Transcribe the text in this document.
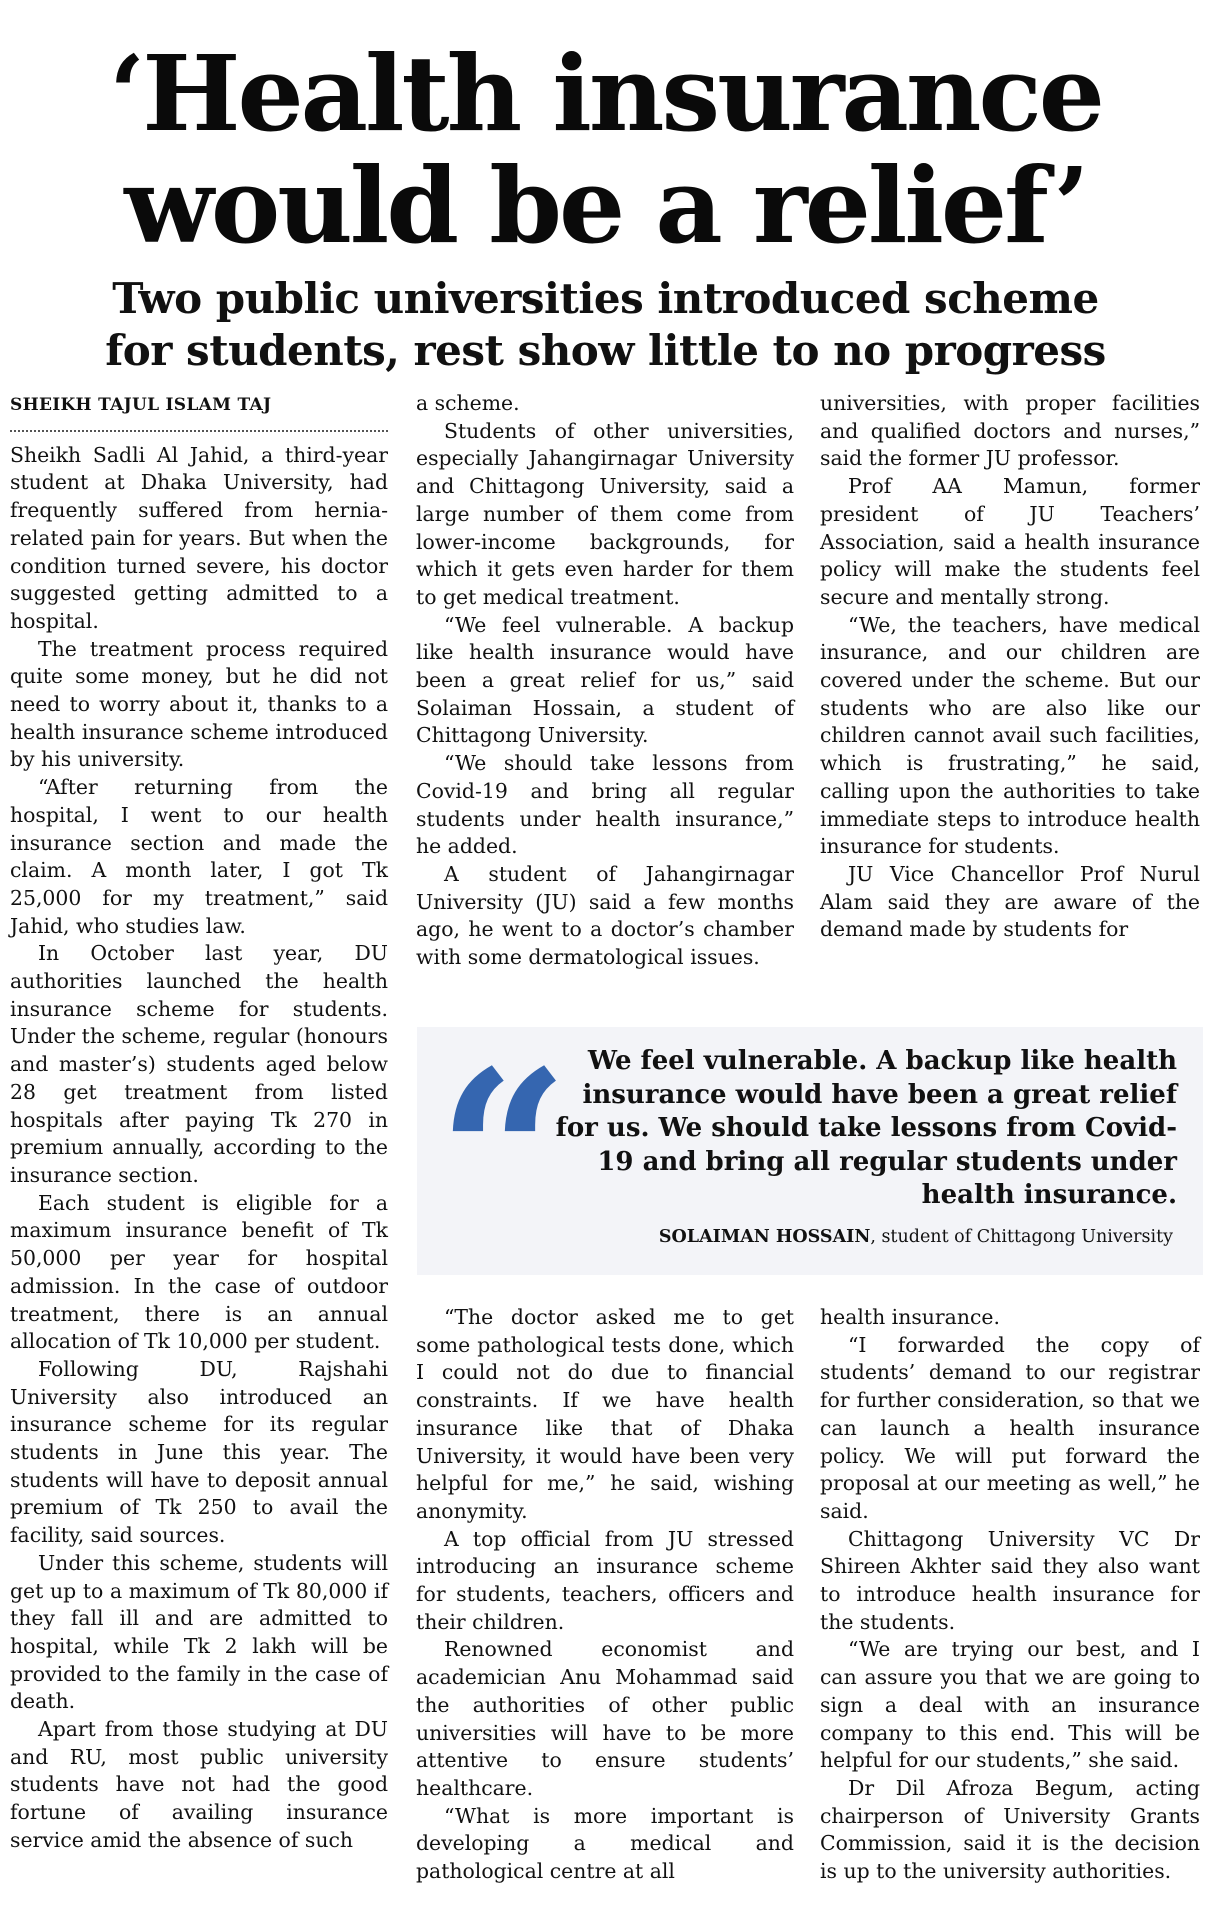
‘Health insurance
would be a relief’
Two public universities introduced scheme
for students, rest show little to no progress
SHEIKH TAJUL ISLAM TAJ

Sheikh Sadli Al Jahid, a third-year student at Dhaka University, had frequently suffered from hernia-related pain for years. But when the condition turned severe, his doctor suggested getting admitted to a hospital.

The treatment process required quite some money, but he did not need to worry about it, thanks to a health insurance scheme introduced by his university.

“After returning from the hospital, I went to our health insurance section and made the claim. A month later, I got Tk 25,000 for my treatment,” said Jahid, who studies law.

In October last year, DU authorities launched the health insurance scheme for students. Under the scheme, regular (honours and master’s) students aged below 28 get treatment from listed hospitals after paying Tk 270 in premium annually, according to the insurance section.

Each student is eligible for a maximum insurance benefit of Tk 50,000 per year for hospital admission. In the case of outdoor treatment, there is an annual allocation of Tk 10,000 per student.

Following DU, Rajshahi University also introduced an insurance scheme for its regular students in June this year. The students will have to deposit annual premium of Tk 250 to avail the facility, said sources.

Under this scheme, students will get up to a maximum of Tk 80,000 if they fall ill and are admitted to hospital, while Tk 2 lakh will be provided to the family in the case of death.

Apart from those studying at DU and RU, most public university students have not had the good fortune of availing insurance service amid the absence of such

a scheme.

Students of other universities, especially Jahangirnagar University and Chittagong University, said a large number of them come from lower-income backgrounds, for which it gets even harder for them to get medical treatment.

“We feel vulnerable. A backup like health insurance would have been a great relief for us,” said Solaiman Hossain, a student of Chittagong University.

“We should take lessons from Covid-19 and bring all regular students under health insurance,” he added.

A student of Jahangirnagar University (JU) said a few months ago, he went to a doctor’s chamber with some dermatological issues.

universities, with proper facilities and qualified doctors and nurses,” said the former JU professor.

Prof AA Mamun, former president of JU Teachers’ Association, said a health insurance policy will make the students feel secure and mentally strong.

“We, the teachers, have medical insurance, and our children are covered under the scheme. But our students who are also like our children cannot avail such facilities, which is frustrating,” he said, calling upon the authorities to take immediate steps to introduce health insurance for students.

JU Vice Chancellor Prof Nurul Alam said they are aware of the demand made by students for

“ We feel vulnerable. A backup like health insurance would have been a great relief for us. We should take lessons from Covid-19 and bring all regular students under health insurance.
SOLAIMAN HOSSAIN, student of Chittagong University

“The doctor asked me to get some pathological tests done, which I could not do due to financial constraints. If we have health insurance like that of Dhaka University, it would have been very helpful for me,” he said, wishing anonymity.

A top official from JU stressed introducing an insurance scheme for students, teachers, officers and their children.

Renowned economist and academician Anu Mohammad said the authorities of other public universities will have to be more attentive to ensure students’ healthcare.

“What is more important is developing a medical and pathological centre at all

health insurance.

“I forwarded the copy of students’ demand to our registrar for further consideration, so that we can launch a health insurance policy. We will put forward the proposal at our meeting as well,” he said.

Chittagong University VC Dr Shireen Akhter said they also want to introduce health insurance for the students.

“We are trying our best, and I can assure you that we are going to sign a deal with an insurance company to this end. This will be helpful for our students,” she said.

Dr Dil Afroza Begum, acting chairperson of University Grants Commission, said it is the decision is up to the university authorities.
